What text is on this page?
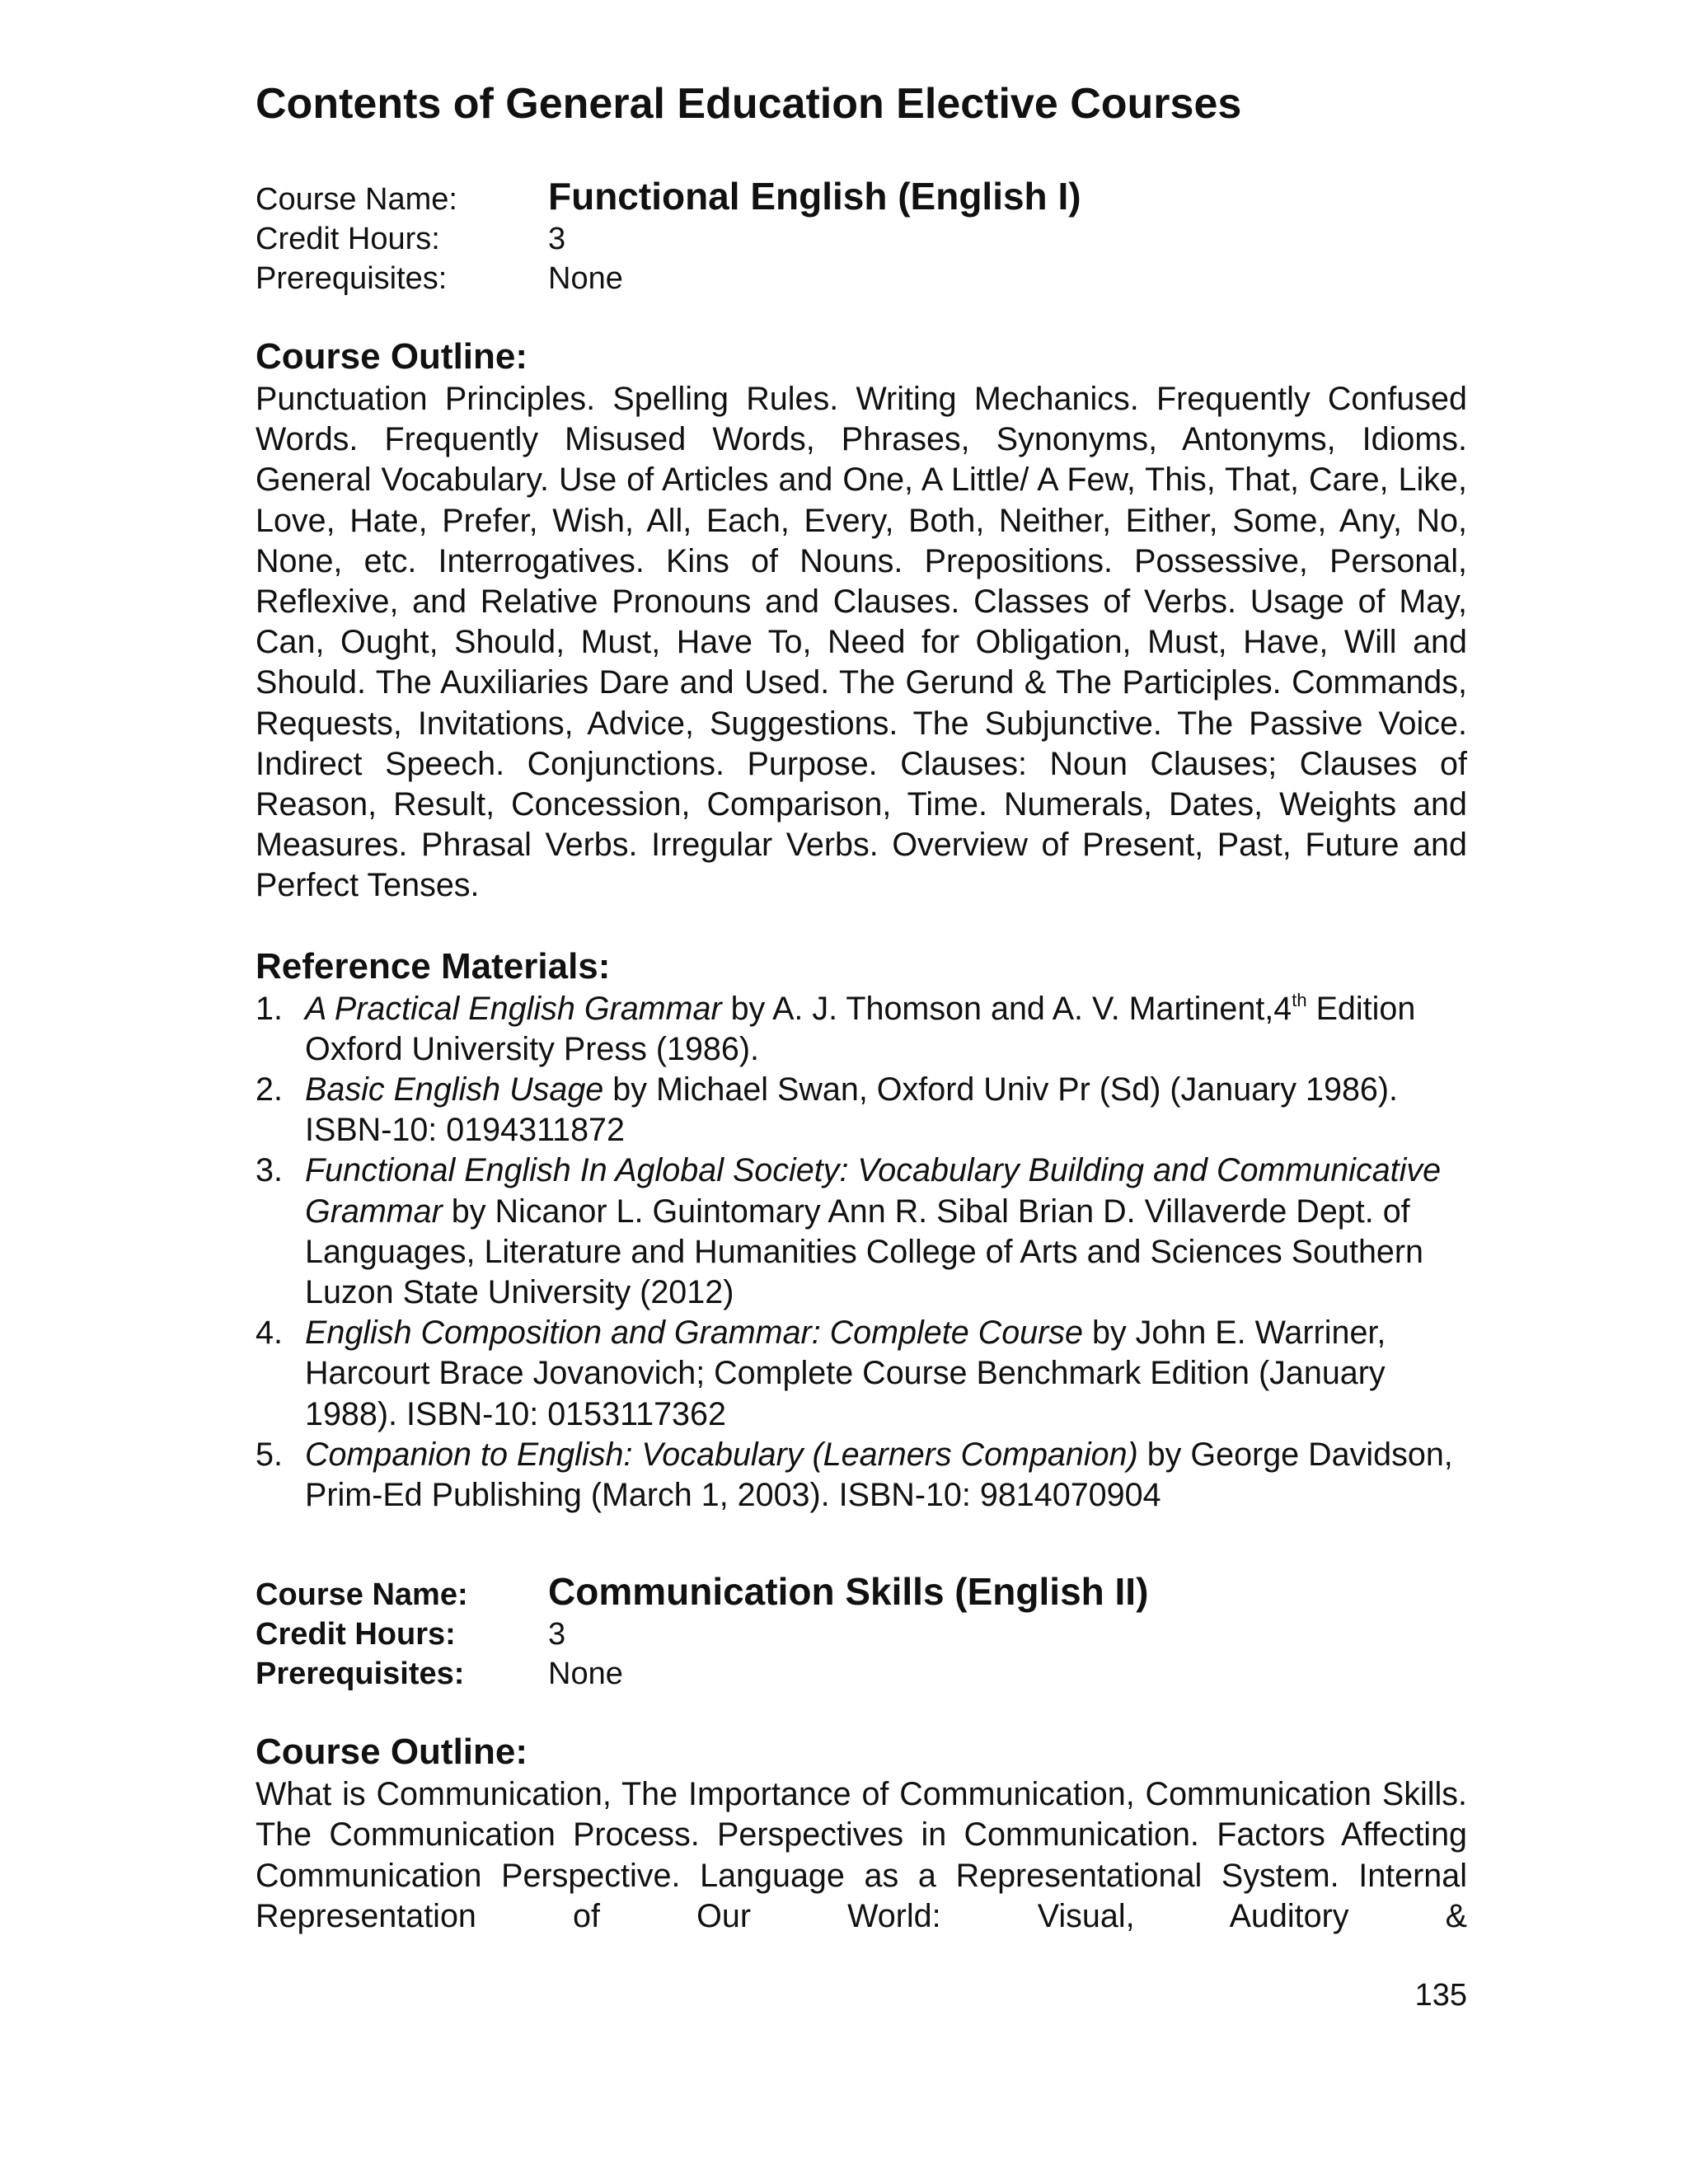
Contents of General Education Elective Courses
Course Name:	Functional English (English I)
Credit Hours:	3
Prerequisites:	None
Course Outline:

Punctuation Principles. Spelling Rules. Writing Mechanics. Frequently Confused Words. Frequently Misused Words, Phrases, Synonyms, Antonyms, Idioms. General Vocabulary. Use of Articles and One, A Little/ A Few, This, That, Care, Like, Love, Hate, Prefer, Wish, All, Each, Every, Both, Neither, Either, Some, Any, No, None, etc. Interrogatives. Kins of Nouns. Prepositions. Possessive, Personal, Reflexive, and Relative Pronouns and Clauses. Classes of Verbs. Usage of May, Can, Ought, Should, Must, Have To, Need for Obligation, Must, Have, Will and Should. The Auxiliaries Dare and Used. The Gerund & The Participles. Commands, Requests, Invitations, Advice, Suggestions. The Subjunctive. The Passive Voice. Indirect Speech. Conjunctions. Purpose. Clauses: Noun Clauses; Clauses of Reason, Result, Concession, Comparison, Time. Numerals, Dates, Weights and Measures. Phrasal Verbs. Irregular Verbs. Overview of Present, Past, Future and Perfect Tenses.

Reference Materials:
1. A Practical English Grammar by A. J. Thomson and A. V. Martinent,4th Edition Oxford University Press (1986).
2. Basic English Usage by Michael Swan, Oxford Univ Pr (Sd) (January 1986). ISBN-10: 0194311872
3. Functional English In Aglobal Society: Vocabulary Building and Communicative Grammar by Nicanor L. Guintomary Ann R. Sibal Brian D. Villaverde Dept. of Languages, Literature and Humanities College of Arts and Sciences Southern Luzon State University (2012)
4. English Composition and Grammar: Complete Course by John E. Warriner, Harcourt Brace Jovanovich; Complete Course Benchmark Edition (January 1988). ISBN-10: 0153117362
5. Companion to English: Vocabulary (Learners Companion) by George Davidson, Prim-Ed Publishing (March 1, 2003). ISBN-10: 9814070904
Course Name:	Communication Skills (English II)
Credit Hours:	3
Prerequisites:	None
Course Outline:

What is Communication, The Importance of Communication, Communication Skills. The Communication Process. Perspectives in Communication. Factors Affecting Communication Perspective. Language as a Representational System. Internal Representation of Our World: Visual, Auditory &

135
